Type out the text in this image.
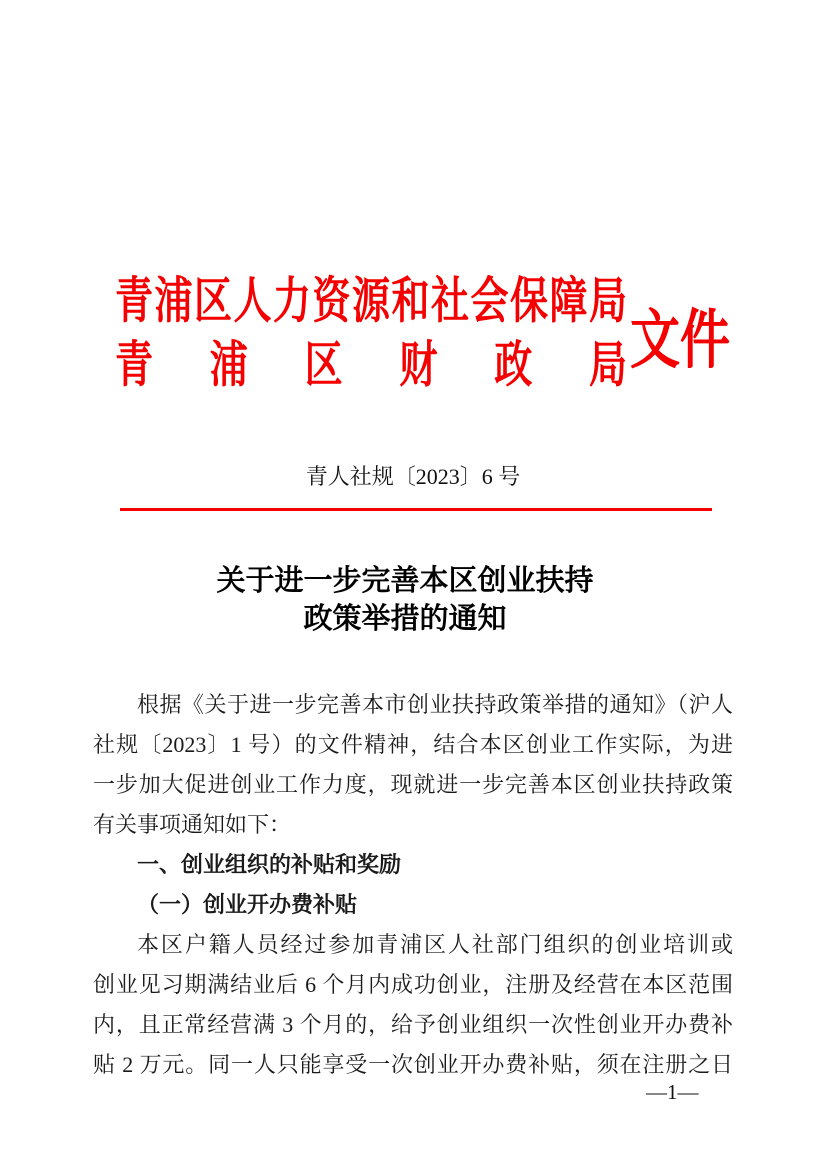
青浦区人力资源和社会保障局
青浦区财政局 文件
青人社规〔2023〕6 号
关于进一步完善本区创业扶持
政策举措的通知
根据《关于进一步完善本市创业扶持政策举措的通知》（沪人
社规〔2023〕1 号）的文件精神，结合本区创业工作实际，为进
一步加大促进创业工作力度，现就进一步完善本区创业扶持政策
有关事项通知如下：
一、创业组织的补贴和奖励
（一）创业开办费补贴
本区户籍人员经过参加青浦区人社部门组织的创业培训或
创业见习期满结业后 6 个月内成功创业，注册及经营在本区范围
内，且正常经营满 3 个月的，给予创业组织一次性创业开办费补
贴 2 万元。同一人只能享受一次创业开办费补贴，须在注册之日
—1—
